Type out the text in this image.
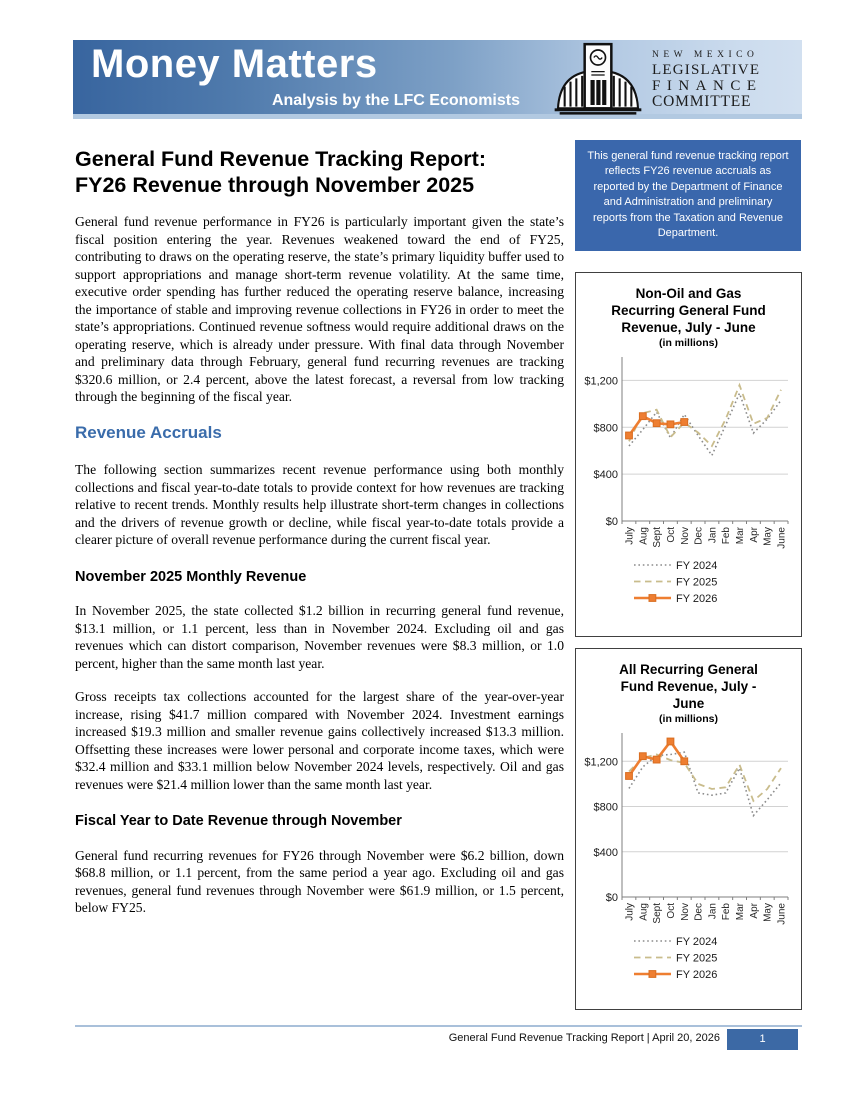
Money Matters
Analysis by the LFC Economists
NEW MEXICO
LEGISLATIVE
FINANCE
COMMITTEE
General Fund Revenue Tracking Report:
FY26 Revenue through November 2025
This general fund revenue tracking report reflects FY26 revenue accruals as reported by the Department of Finance and Administration and preliminary reports from the Taxation and Revenue Department.

General fund revenue performance in FY26 is particularly important given the state’s fiscal position entering the year. Revenues weakened toward the end of FY25, contributing to draws on the operating reserve, the state’s primary liquidity buffer used to support appropriations and manage short-term revenue volatility. At the same time, executive order spending has further reduced the operating reserve balance, increasing the importance of stable and improving revenue collections in FY26 in order to meet the state’s appropriations. Continued revenue softness would require additional draws on the operating reserve, which is already under pressure. With final data through November and preliminary data through February, general fund recurring revenues are tracking $320.6 million, or 2.4 percent, above the latest forecast, a reversal from low tracking through the beginning of the fiscal year.

Revenue Accruals

The following section summarizes recent revenue performance using both monthly collections and fiscal year-to-date totals to provide context for how revenues are tracking relative to recent trends. Monthly results help illustrate short-term changes in collections and the drivers of revenue growth or decline, while fiscal year-to-date totals provide a clearer picture of overall revenue performance during the current fiscal year.

November 2025 Monthly Revenue

In November 2025, the state collected $1.2 billion in recurring general fund revenue, $13.1 million, or 1.1 percent, less than in November 2024. Excluding oil and gas revenues which can distort comparison, November revenues were $8.3 million, or 1.0 percent, higher than the same month last year.

Gross receipts tax collections accounted for the largest share of the year-over-year increase, rising $41.7 million compared with November 2024. Investment earnings increased $19.3 million and smaller revenue gains collectively increased $13.3 million. Offsetting these increases were lower personal and corporate income taxes, which were $32.4 million and $33.1 million below November 2024 levels, respectively. Oil and gas revenues were $21.4 million lower than the same month last year.

Fiscal Year to Date Revenue through November

General fund recurring revenues for FY26 through November were $6.2 billion, down $68.8 million, or 1.1 percent, from the same period a year ago. Excluding oil and gas revenues, general fund revenues through November were $61.9 million, or 1.5 percent, below FY25.

Non-Oil and Gas
Recurring General Fund
Revenue, July - June
(in millions)
$0
$400
$800
$1,200
July Aug Sept Oct Nov Dec Jan Feb Mar Apr May June
FY 2024
FY 2025
FY 2026
All Recurring General
Fund Revenue, July -
June
(in millions)
$0
$400
$800
$1,200
July Aug Sept Oct Nov Dec Jan Feb Mar Apr May June
FY 2024
FY 2025
FY 2026
General Fund Revenue Tracking Report | April 20, 2026	1
